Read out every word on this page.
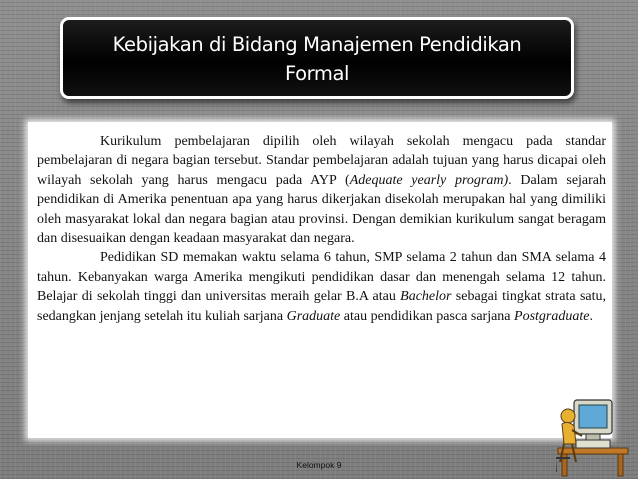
Kebijakan di Bidang Manajemen Pendidikan
Formal

Kurikulum pembelajaran dipilih oleh wilayah sekolah mengacu pada standar pembelajaran di negara bagian tersebut. Standar pembelajaran adalah tujuan yang harus dicapai oleh wilayah sekolah yang harus mengacu pada AYP (Adequate yearly program). Dalam sejarah pendidikan di Amerika penentuan apa yang harus dikerjakan disekolah merupakan hal yang dimiliki oleh masyarakat lokal dan negara bagian atau provinsi. Dengan demikian kurikulum sangat beragam dan disesuaikan dengan keadaan masyarakat dan negara.

Pedidikan SD memakan waktu selama 6 tahun, SMP selama 2 tahun dan SMA selama 4 tahun. Kebanyakan warga Amerika mengikuti pendidikan dasar dan menengah selama 12 tahun. Belajar di sekolah tinggi dan universitas meraih gelar B.A atau Bachelor sebagai tingkat strata satu, sedangkan jenjang setelah itu kuliah sarjana Graduate atau pendidikan pasca sarjana Postgraduate.

Kelompok 9
